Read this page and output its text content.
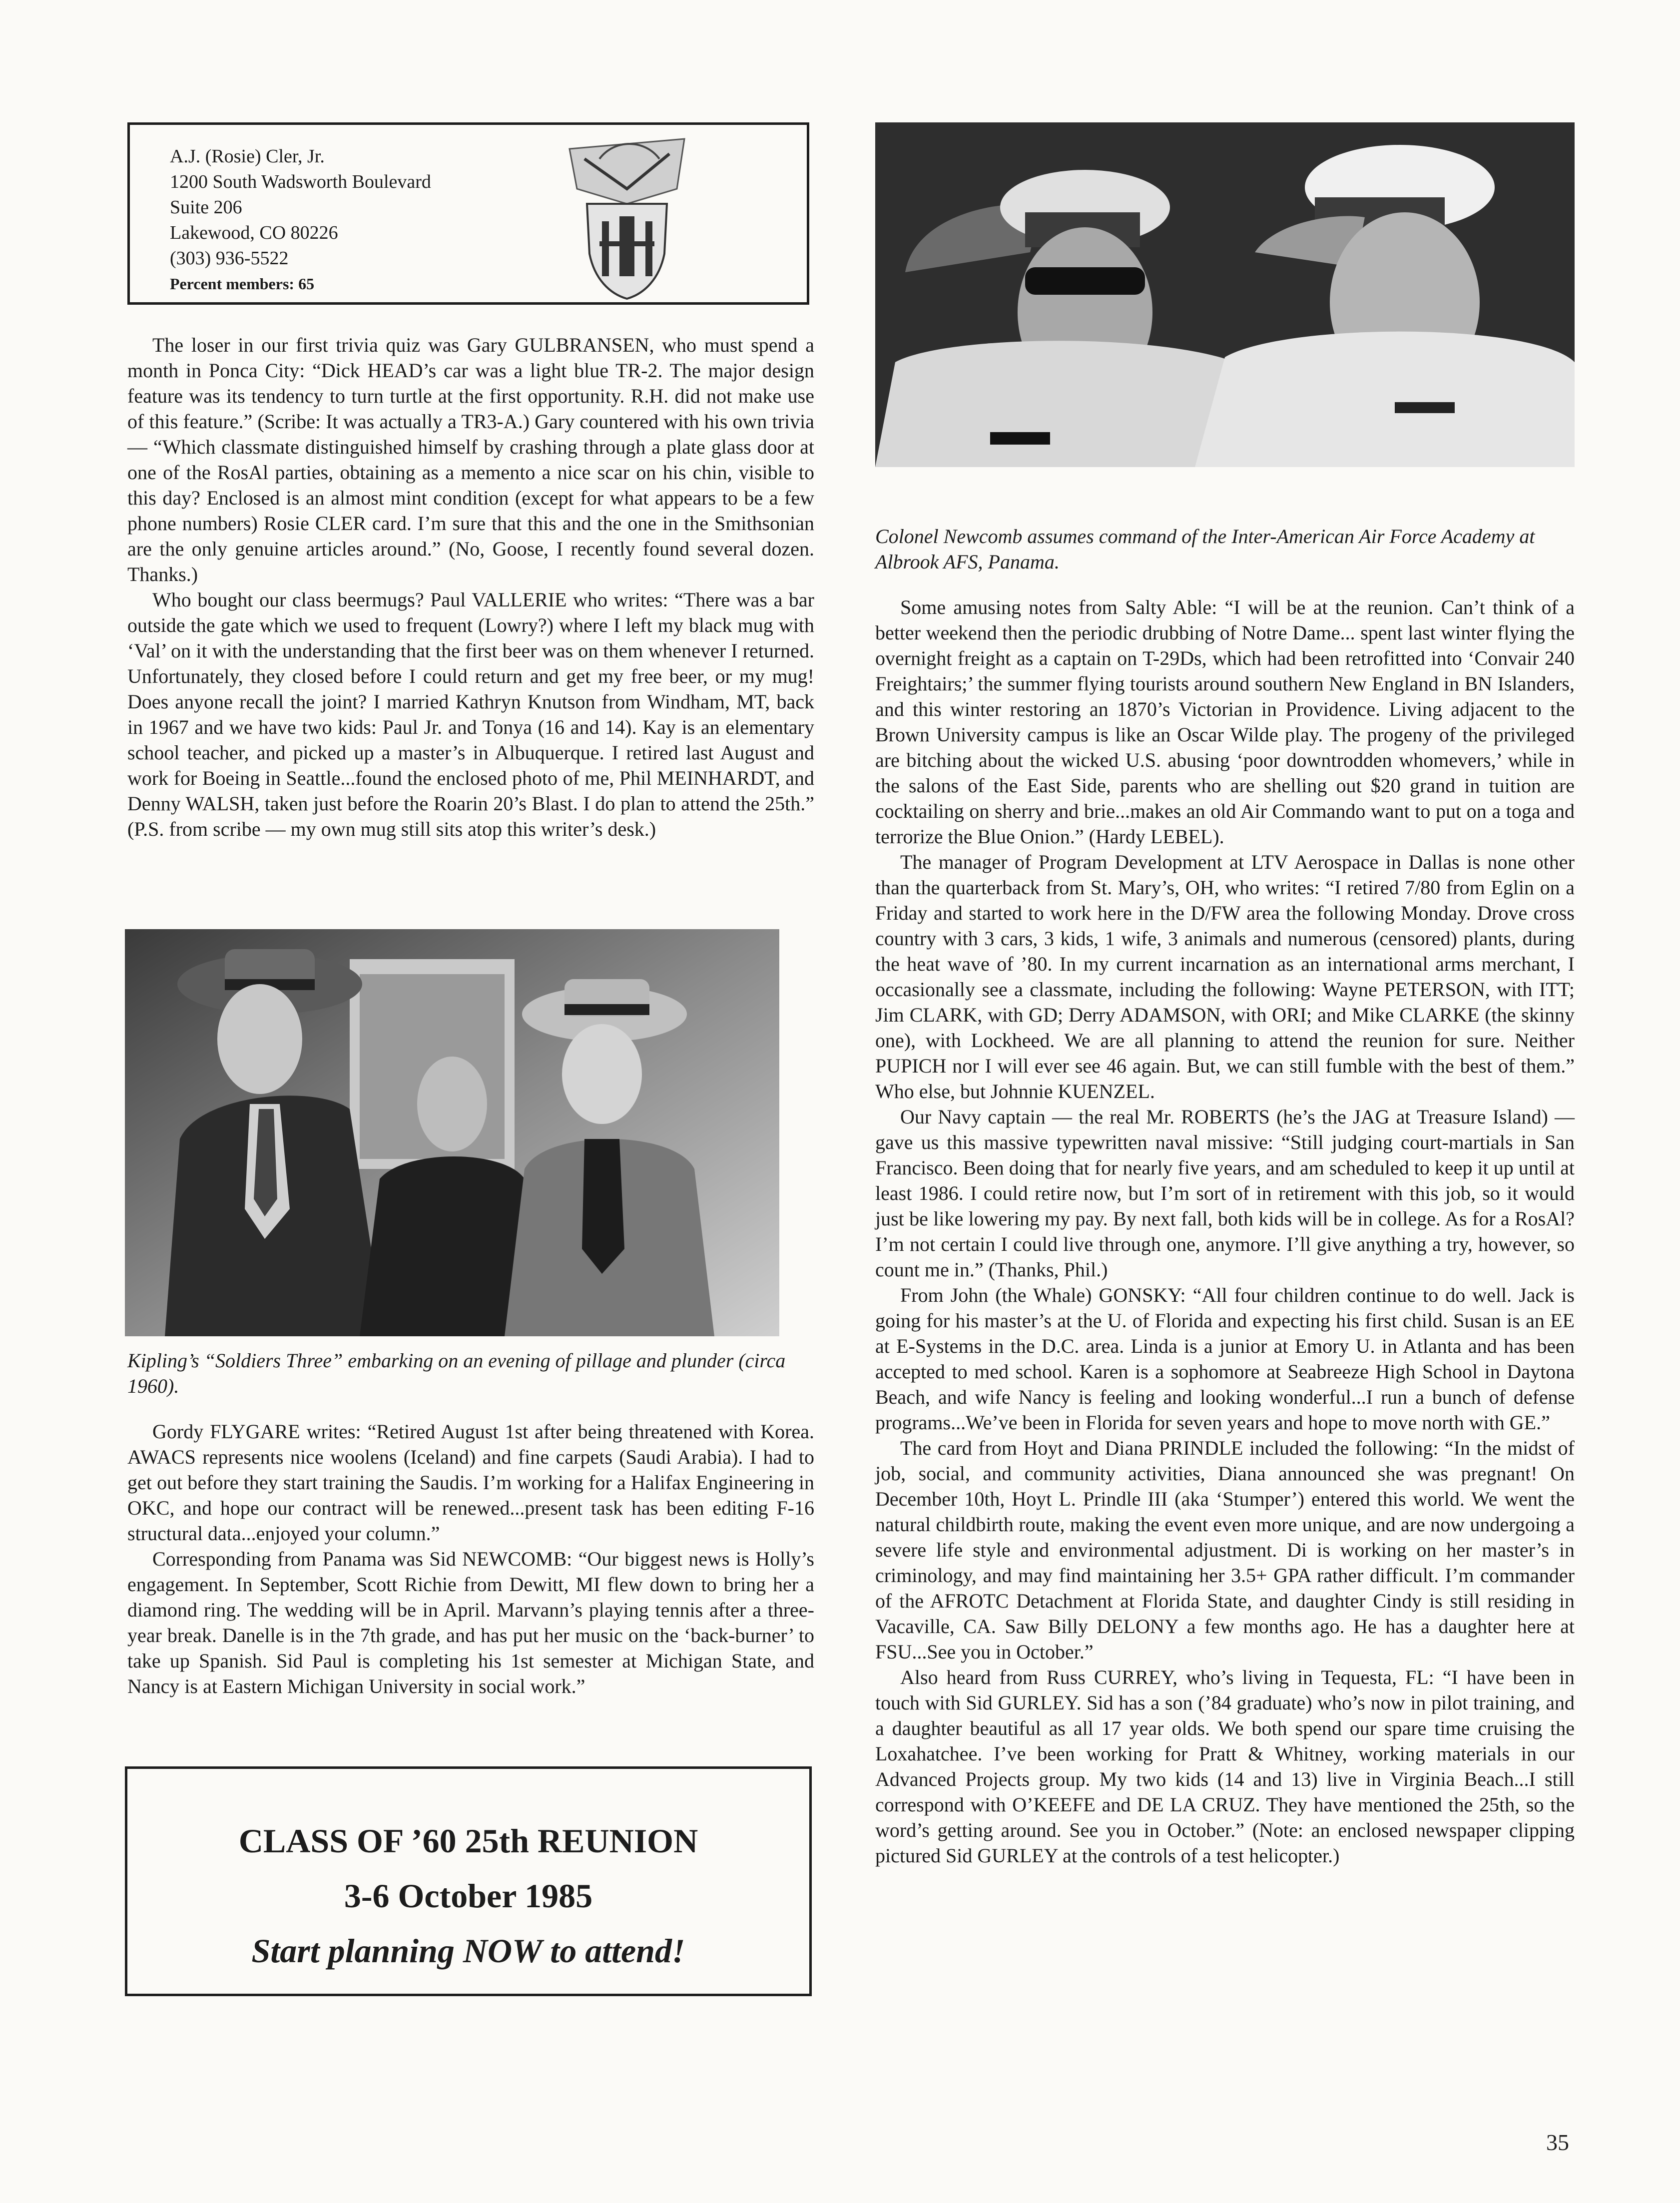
A.J. (Rosie) Cler, Jr.
1200 South Wadsworth Boulevard
Suite 206
Lakewood, CO 80226
(303) 936-5522
Percent members: 65

The loser in our first trivia quiz was Gary GULBRANSEN, who must spend a month in Ponca City: “Dick HEAD’s car was a light blue TR-2. The major design feature was its tendency to turn turtle at the first opportunity. R.H. did not make use of this feature.” (Scribe: It was actually a TR3-A.) Gary countered with his own trivia — “Which classmate distinguished himself by crashing through a plate glass door at one of the RosAl parties, obtaining as a memento a nice scar on his chin, visible to this day? Enclosed is an almost mint condition (except for what appears to be a few phone numbers) Rosie CLER card. I’m sure that this and the one in the Smithsonian are the only genuine articles around.” (No, Goose, I recently found several dozen. Thanks.)

Who bought our class beermugs? Paul VALLERIE who writes: “There was a bar outside the gate which we used to frequent (Lowry?) where I left my black mug with ‘Val’ on it with the understanding that the first beer was on them whenever I returned. Unfortunately, they closed before I could return and get my free beer, or my mug! Does anyone recall the joint? I married Kathryn Knutson from Windham, MT, back in 1967 and we have two kids: Paul Jr. and Tonya (16 and 14). Kay is an elementary school teacher, and picked up a master’s in Albuquerque. I retired last August and work for Boeing in Seattle...found the enclosed photo of me, Phil MEINHARDT, and Denny WALSH, taken just before the Roarin 20’s Blast. I do plan to attend the 25th.” (P.S. from scribe — my own mug still sits atop this writer’s desk.)

Kipling’s “Soldiers Three” embarking on an evening of pillage and plunder (circa 1960).

Gordy FLYGARE writes: “Retired August 1st after being threatened with Korea. AWACS represents nice woolens (Iceland) and fine carpets (Saudi Arabia). I had to get out before they start training the Saudis. I’m working for a Halifax Engineering in OKC, and hope our contract will be renewed...present task has been editing F-16 structural data...enjoyed your column.”

Corresponding from Panama was Sid NEWCOMB: “Our biggest news is Holly’s engagement. In September, Scott Richie from Dewitt, MI flew down to bring her a diamond ring. The wedding will be in April. Marvann’s playing tennis after a three-year break. Danelle is in the 7th grade, and has put her music on the ‘back-burner’ to take up Spanish. Sid Paul is completing his 1st semester at Michigan State, and Nancy is at Eastern Michigan University in social work.”

CLASS OF ’60 25th REUNION
3-6 October 1985
Start planning NOW to attend!
Colonel Newcomb assumes command of the Inter-American Air Force Academy at Albrook AFS, Panama.

Some amusing notes from Salty Able: “I will be at the reunion. Can’t think of a better weekend then the periodic drubbing of Notre Dame... spent last winter flying the overnight freight as a captain on T-29Ds, which had been retrofitted into ‘Convair 240 Freightairs;’ the summer flying tourists around southern New England in BN Islanders, and this winter restoring an 1870’s Victorian in Providence. Living adjacent to the Brown University campus is like an Oscar Wilde play. The progeny of the privileged are bitching about the wicked U.S. abusing ‘poor downtrodden whomevers,’ while in the salons of the East Side, parents who are shelling out $20 grand in tuition are cocktailing on sherry and brie...makes an old Air Commando want to put on a toga and terrorize the Blue Onion.” (Hardy LEBEL).

The manager of Program Development at LTV Aerospace in Dallas is none other than the quarterback from St. Mary’s, OH, who writes: “I retired 7/80 from Eglin on a Friday and started to work here in the D/FW area the following Monday. Drove cross country with 3 cars, 3 kids, 1 wife, 3 animals and numerous (censored) plants, during the heat wave of ’80. In my current incarnation as an international arms merchant, I occasionally see a classmate, including the following: Wayne PETERSON, with ITT; Jim CLARK, with GD; Derry ADAMSON, with ORI; and Mike CLARKE (the skinny one), with Lockheed. We are all planning to attend the reunion for sure. Neither PUPICH nor I will ever see 46 again. But, we can still fumble with the best of them.” Who else, but Johnnie KUENZEL.

Our Navy captain — the real Mr. ROBERTS (he’s the JAG at Treasure Island) — gave us this massive typewritten naval missive: “Still judging court-martials in San Francisco. Been doing that for nearly five years, and am scheduled to keep it up until at least 1986. I could retire now, but I’m sort of in retirement with this job, so it would just be like lowering my pay. By next fall, both kids will be in college. As for a RosAl? I’m not certain I could live through one, anymore. I’ll give anything a try, however, so count me in.” (Thanks, Phil.)

From John (the Whale) GONSKY: “All four children continue to do well. Jack is going for his master’s at the U. of Florida and expecting his first child. Susan is an EE at E-Systems in the D.C. area. Linda is a junior at Emory U. in Atlanta and has been accepted to med school. Karen is a sophomore at Seabreeze High School in Daytona Beach, and wife Nancy is feeling and looking wonderful...I run a bunch of defense programs...We’ve been in Florida for seven years and hope to move north with GE.”

The card from Hoyt and Diana PRINDLE included the following: “In the midst of job, social, and community activities, Diana announced she was pregnant! On December 10th, Hoyt L. Prindle III (aka ‘Stumper’) entered this world. We went the natural childbirth route, making the event even more unique, and are now undergoing a severe life style and environmental adjustment. Di is working on her master’s in criminology, and may find maintaining her 3.5+ GPA rather difficult. I’m commander of the AFROTC Detachment at Florida State, and daughter Cindy is still residing in Vacaville, CA. Saw Billy DELONY a few months ago. He has a daughter here at FSU...See you in October.”

Also heard from Russ CURREY, who’s living in Tequesta, FL: “I have been in touch with Sid GURLEY. Sid has a son (’84 graduate) who’s now in pilot training, and a daughter beautiful as all 17 year olds. We both spend our spare time cruising the Loxahatchee. I’ve been working for Pratt & Whitney, working materials in our Advanced Projects group. My two kids (14 and 13) live in Virginia Beach...I still correspond with O’KEEFE and DE LA CRUZ. They have mentioned the 25th, so the word’s getting around. See you in October.” (Note: an enclosed newspaper clipping pictured Sid GURLEY at the controls of a test helicopter.)

35
